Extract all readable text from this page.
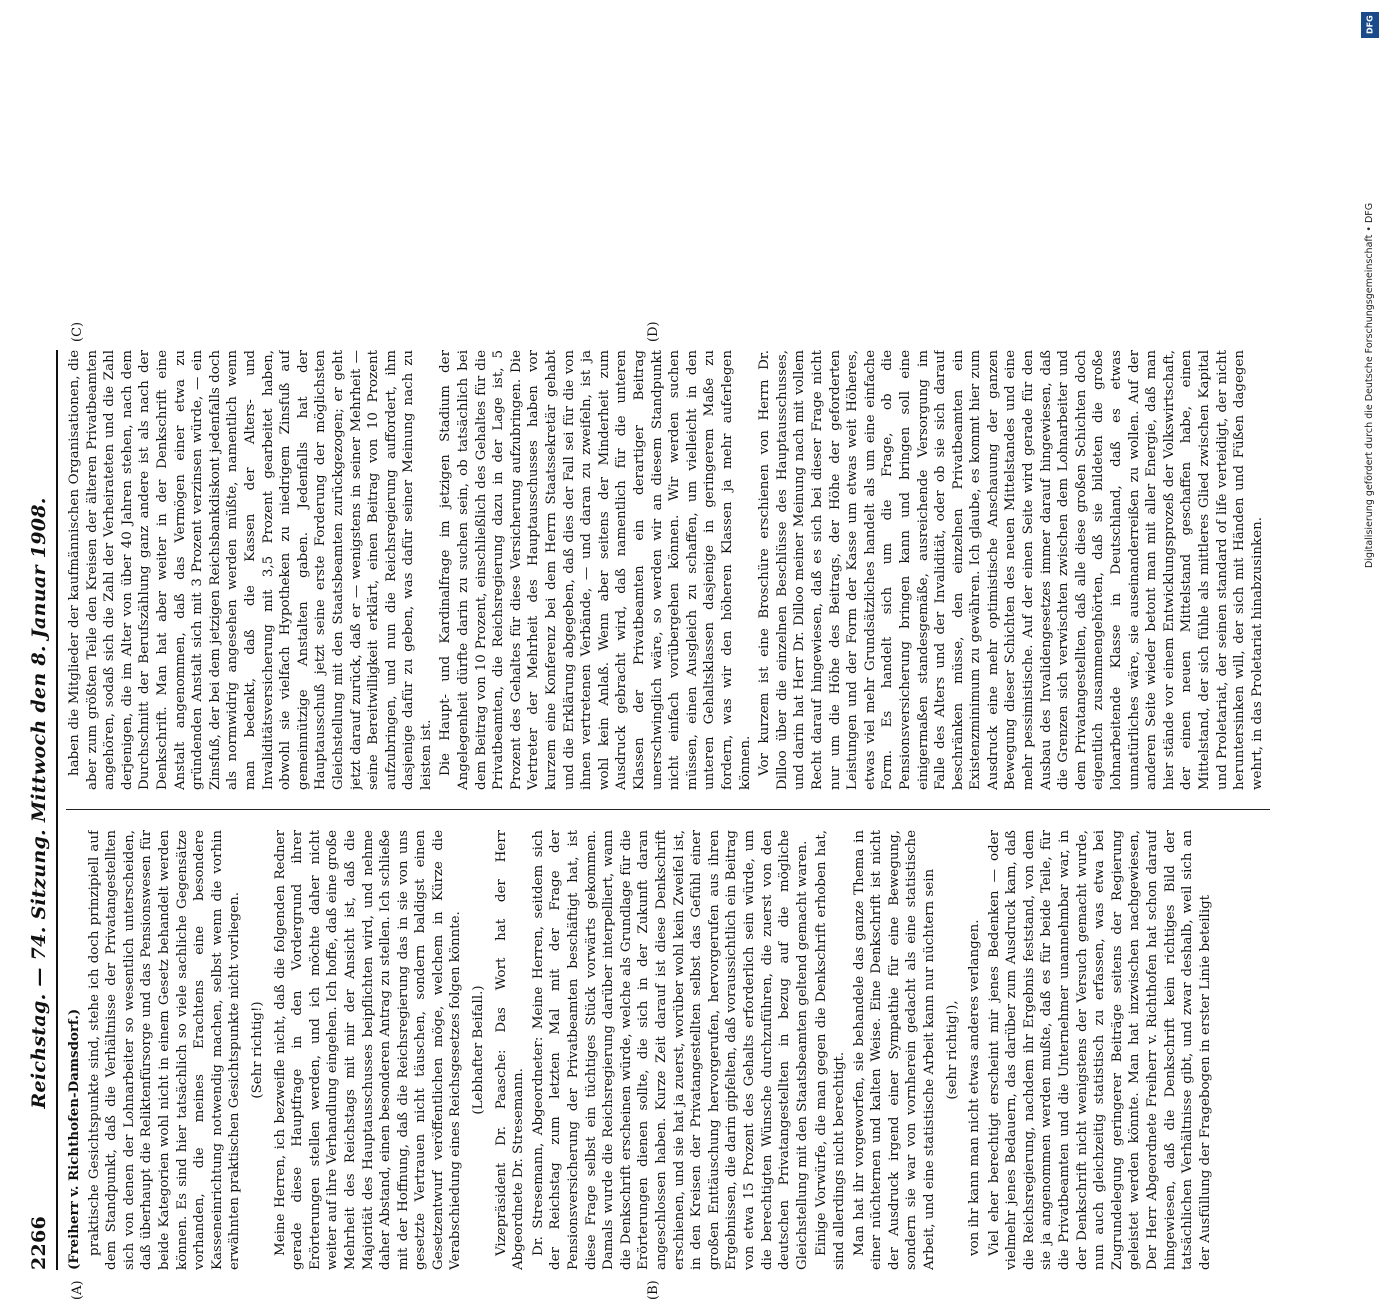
2266
Reichstag. — 74. Sitzung. Mittwoch den 8. Januar 1908.
(A)	(B)
(C)	(D)

(Freiherr v. Richthofen-Damsdorf.) praktische Gesichtspunkte sind, stehe ich doch prinzipiell auf dem Standpunkt, daß die Verhältnisse der Privatangestellten sich von denen der Lohnarbeiter so wesentlich unterscheiden, daß überhaupt die Reliktenfürsorge und das Pensionswesen für beide Kategorien wohl nicht in einem Gesetz behandelt werden können. Es sind hier tatsächlich so viele sachliche Gegensätze vorhanden, die meines Erachtens eine besondere Kasseneinrichtung notwendig machen, selbst wenn die vorhin erwähnten praktischen Gesichtspunkte nicht vorliegen. (Sehr richtig!) Meine Herren, ich bezweifle nicht, daß die folgenden Redner gerade diese Hauptfrage in den Vordergrund ihrer Erörterungen stellen werden, und ich möchte daher nicht weiter auf ihre Verhandlung eingehen. Ich hoffe, daß eine große Mehrheit des Reichstags mit mir der Ansicht ist, daß die Majorität des Hauptausschusses beipflichten wird, und nehme daher Abstand, einen besonderen Antrag zu stellen. Ich schließe mit der Hoffnung, daß die Reichsregierung das in sie von uns gesetzte Vertrauen nicht täuschen, sondern baldigst einen Gesetzentwurf veröffentlichen möge, welchem in Kürze die Verabschiedung eines Reichsgesetzes folgen könnte. (Lebhafter Beifall.) Vizepräsident Dr. Paasche: Das Wort hat der Herr Abgeordnete Dr. Stresemann. Dr. Stresemann, Abgeordneter: Meine Herren, seitdem sich der Reichstag zum letzten Mal mit der Frage der Pensionsversicherung der Privatbeamten beschäftigt hat, ist diese Frage selbst ein tüchtiges Stück vorwärts gekommen. Damals wurde die Reichsregierung darüber interpelliert, wann die Denkschrift erscheinen würde, welche als Grundlage für die Erörterungen dienen sollte, die sich in der Zukunft daran angeschlossen haben. Kurze Zeit darauf ist diese Denkschrift erschienen, und sie hat ja zuerst, worüber wohl kein Zweifel ist, in den Kreisen der Privatangestellten selbst das Gefühl einer großen Enttäuschung hervorgerufen, hervorgerufen aus ihren Ergebnissen, die darin gipfelten, daß voraussichtlich ein Beitrag von etwa 15 Prozent des Gehalts erforderlich sein würde, um die berechtigten Wünsche durchzuführen, die zuerst von den deutschen Privatangestellten in bezug auf die mögliche Gleichstellung mit den Staatsbeamten geltend gemacht waren. Einige Vorwürfe, die man gegen die Denkschrift erhoben hat, sind allerdings nicht berechtigt. Man hat ihr vorgeworfen, sie behandele das ganze Thema in einer nüchternen und kalten Weise. Eine Denkschrift ist nicht der Ausdruck irgend einer Sympathie für eine Bewegung, sondern sie war von vornherein gedacht als eine statistische Arbeit, und eine statistische Arbeit kann nur nüchtern sein (sehr richtig!), von ihr kann man nicht etwas anderes verlangen. Viel eher berechtigt erscheint mir jenes Bedenken — oder vielmehr jenes Bedauern, das darüber zum Ausdruck kam, daß die Reichsregierung, nachdem ihr Ergebnis feststand, von dem sie ja angenommen werden mußte, daß es für beide Teile, für die Privatbeamten und die Unternehmer unannehmbar war, in der Denkschrift nicht wenigstens der Versuch gemacht wurde, nun auch gleichzeitig statistisch zu erfassen, was etwa bei Zugrundelegung geringerer Beiträge seitens der Regierung geleistet werden könnte. Man hat inzwischen nachgewiesen, Der Herr Abgeordnete Freiherr v. Richthofen hat schon darauf hingewiesen, daß die Denkschrift kein richtiges Bild der tatsächlichen Verhältnisse gibt, und zwar deshalb, weil sich an der Ausfüllung der Fragebogen in erster Linie beteiligt

haben die Mitglieder der kaufmännischen Organisationen, die aber zum größten Teile den Kreisen der älteren Privatbeamten angehören, sodaß sich die Zahl der Verheirateten und die Zahl derjenigen, die im Alter von über 40 Jahren stehen, nach dem Durchschnitt der Berufszählung ganz andere ist als nach der Denkschrift. Man hat aber weiter in der Denkschrift eine Anstalt angenommen, daß das Vermögen einer etwa zu gründenden Anstalt sich mit 3 Prozent verzinsen würde, — ein Zinsfuß, der bei dem jetzigen Reichsbankdiskont jedenfalls doch als normwidrig angesehen werden müßte, namentlich wenn man bedenkt, daß die Kassen der Alters- und Invaliditätsversicherung mit 3,5 Prozent gearbeitet haben, obwohl sie vielfach Hypotheken zu niedrigem Zinsfuß auf gemeinnützige Anstalten gaben. Jedenfalls hat der Hauptausschuß jetzt seine erste Forderung der möglichsten Gleichstellung mit den Staatsbeamten zurückgezogen; er geht jetzt darauf zurück, daß er — wenigstens in seiner Mehrheit — seine Bereitwilligkeit erklärt, einen Beitrag von 10 Prozent aufzubringen, und nun die Reichsregierung auffordert, ihm dasjenige dafür zu geben, was dafür seiner Meinung nach zu leisten ist. Die Haupt- und Kardinalfrage im jetzigen Stadium der Angelegenheit dürfte darin zu suchen sein, ob tatsächlich bei dem Beitrag von 10 Prozent, einschließlich des Gehaltes für die Privatbeamten, die Reichsregierung dazu in der Lage ist, 5 Prozent des Gehaltes für diese Versicherung aufzubringen. Die Vertreter der Mehrheit des Hauptausschusses haben vor kurzem eine Konferenz bei dem Herrn Staatssekretär gehabt und die Erklärung abgegeben, daß dies der Fall sei für die von ihnen vertretenen Verbände, — und daran zu zweifeln, ist ja wohl kein Anlaß. Wenn aber seitens der Minderheit zum Ausdruck gebracht wird, daß namentlich für die unteren Klassen der Privatbeamten ein derartiger Beitrag unerschwinglich wäre, so werden wir an diesem Standpunkt nicht einfach vorübergehen können. Wir werden suchen müssen, einen Ausgleich zu schaffen, um vielleicht in den unteren Gehaltsklassen dasjenige in geringerem Maße zu fordern, was wir den höheren Klassen ja mehr auferlegen können. Vor kurzem ist eine Broschüre erschienen von Herrn Dr. Dilloo über die einzelnen Beschlüsse des Hauptausschusses, und darin hat Herr Dr. Dilloo meiner Meinung nach mit vollem Recht darauf hingewiesen, daß es sich bei dieser Frage nicht nur um die Höhe des Beitrags, der Höhe der geforderten Leistungen und der Form der Kasse um etwas weit Höheres, etwas viel mehr Grundsätzliches handelt als um eine einfache Form. Es handelt sich um die Frage, ob die Pensionsversicherung bringen kann und bringen soll eine einigermaßen standesgemäße, ausreichende Versorgung im Falle des Alters und der Invalidität, oder ob sie sich darauf beschränken müsse, den einzelnen Privatbeamten ein Existenzminimum zu gewähren. Ich glaube, es kommt hier zum Ausdruck eine mehr optimistische Anschauung der ganzen Bewegung dieser Schichten des neuen Mittelstandes und eine mehr pessimistische. Auf der einen Seite wird gerade für den Ausbau des Invalidengesetzes immer darauf hingewiesen, daß die Grenzen sich verwischten zwischen dem Lohnarbeiter und dem Privatangestellten, daß alle diese großen Schichten doch eigentlich zusammengehörten, daß sie bildeten die große lohnarbeitende Klasse in Deutschland, daß es etwas unnatürliches wäre, sie auseinanderreißen zu wollen. Auf der anderen Seite wieder betont man mit aller Energie, daß man hier stände vor einem Entwicklungsprozeß der Volkswirtschaft, der einen neuen Mittelstand geschaffen habe, einen Mittelstand, der sich fühle als mittleres Glied zwischen Kapital und Proletariat, der seinen standard of life verteidigt, der nicht heruntersinken will, der sich mit Händen und Füßen dagegen wehrt, in das Proletariat hinabzusinken.

DFG
Digitalisierung gefördert durch die Deutsche Forschungsgemeinschaft • DFG
